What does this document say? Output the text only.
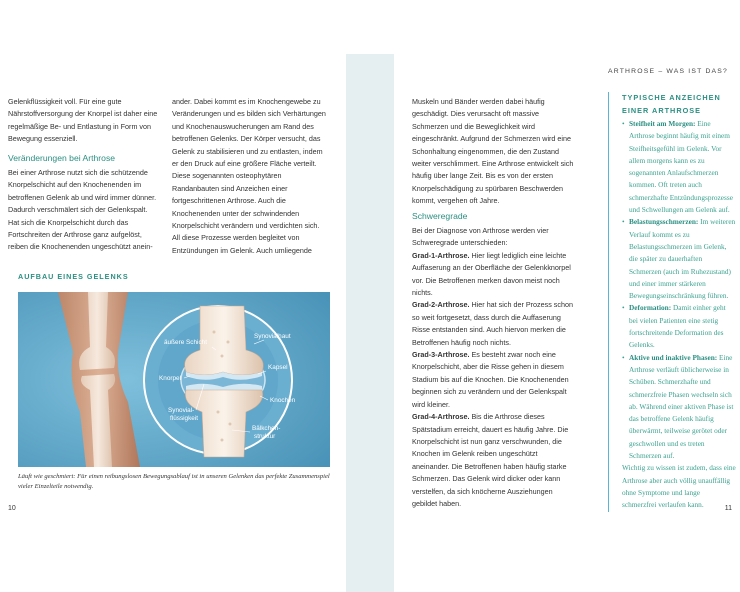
ARTHROSE – WAS IST DAS?

Gelenkflüssigkeit voll. Für eine gute Nährstoffversorgung der Knorpel ist daher eine regelmäßige Be- und Entlastung in Form von Bewegung essenziell.

Veränderungen bei Arthrose

Bei einer Arthrose nutzt sich die schützende Knorpelschicht auf den Knochenenden im betroffenen Gelenk ab und wird immer dünner. Dadurch verschmälert sich der Gelenkspalt. Hat sich die Knorpelschicht durch das Fortschreiten der Arthrose ganz aufgelöst, reiben die Knochenenden ungeschützt anein-

ander. Dabei kommt es im Knochengewebe zu Veränderungen und es bilden sich Verhärtungen und Knochenauswucherungen am Rand des betroffenen Gelenks. Der Körper versucht, das Gelenk zu stabilisieren und zu entlasten, indem er den Druck auf eine größere Fläche verteilt. Diese sogenannten osteophytären Randanbauten sind Anzeichen einer fortgeschrittenen Arthrose. Auch die Knochenenden unter der schwindenden Knorpelschicht verändern und verdichten sich. All diese Prozesse werden begleitet von Entzündungen im Gelenk. Auch umliegende

AUFBAU EINES GELENKS
äußere Schicht
Synovialhaut
Knorpel
Kapsel
Knochen
Synovial-
flüssigkeit
Bälkchen-
struktur
Läuft wie geschmiert: Für einen reibungslosen Bewegungsablauf ist in unseren Gelenken das perfekte Zusammenspiel vieler Einzelteile notwendig.
10

Muskeln und Bänder werden dabei häufig geschädigt. Dies verursacht oft massive Schmerzen und die Beweglichkeit wird eingeschränkt. Aufgrund der Schmerzen wird eine Schonhaltung eingenommen, die den Zustand weiter verschlimmert. Eine Arthrose entwickelt sich häufig über lange Zeit. Bis es von der ersten Knorpelschädigung zu spürbaren Beschwerden kommt, vergehen oft Jahre.

Schweregrade

Bei der Diagnose von Arthrose werden vier Schweregrade unterschieden:

Grad-1-Arthrose. Hier liegt lediglich eine leichte Auffaserung an der Oberfläche der Gelenkknorpel vor. Die Betroffenen merken davon meist noch nichts.

Grad-2-Arthrose. Hier hat sich der Prozess schon so weit fortgesetzt, dass durch die Auffaserung Risse entstanden sind. Auch hiervon merken die Betroffenen häufig noch nichts.

Grad-3-Arthrose. Es besteht zwar noch eine Knorpelschicht, aber die Risse gehen in diesem Stadium bis auf die Knochen. Die Knochenenden beginnen sich zu verändern und der Gelenkspalt wird kleiner.

Grad-4-Arthrose. Bis die Arthrose dieses Spätstadium erreicht, dauert es häufig Jahre. Die Knorpelschicht ist nun ganz verschwunden, die Knochen im Gelenk reiben ungeschützt aneinander. Die Betroffenen haben häufig starke Schmerzen. Das Gelenk wird dicker oder kann verstelfen, da sich knöcherne Ausziehungen gebildet haben.

TYPISCHE ANZEICHEN
EINER ARTHROSE
• Steifheit am Morgen: Eine Arthrose beginnt häufig mit einem Steifheitsgefühl im Gelenk. Vor allem morgens kann es zu sogenannten Anlaufschmerzen kommen. Oft treten auch schmerzhafte Entzündungsprozesse und Schwellungen am Gelenk auf.
• Belastungsschmerzen: Im weiteren Verlauf kommt es zu Belastungsschmerzen im Gelenk, die später zu dauerhaften Schmerzen (auch im Ruhezustand) und einer immer stärkeren Bewegungseinschränkung führen.
• Deformation: Damit einher geht bei vielen Patienten eine stetig fortschreitende Deformation des Gelenks.
• Aktive und inaktive Phasen: Eine Arthrose verläuft üblicherweise in Schüben. Schmerzhafte und schmerzfreie Phasen wechseln sich ab. Während einer aktiven Phase ist das betroffene Gelenk häufig überwärmt, teilweise gerötet oder geschwollen und es treten Schmerzen auf.

Wichtig zu wissen ist zudem, dass eine Arthrose aber auch völlig unauffällig ohne Symptome und lange schmerzfrei verlaufen kann.	11
